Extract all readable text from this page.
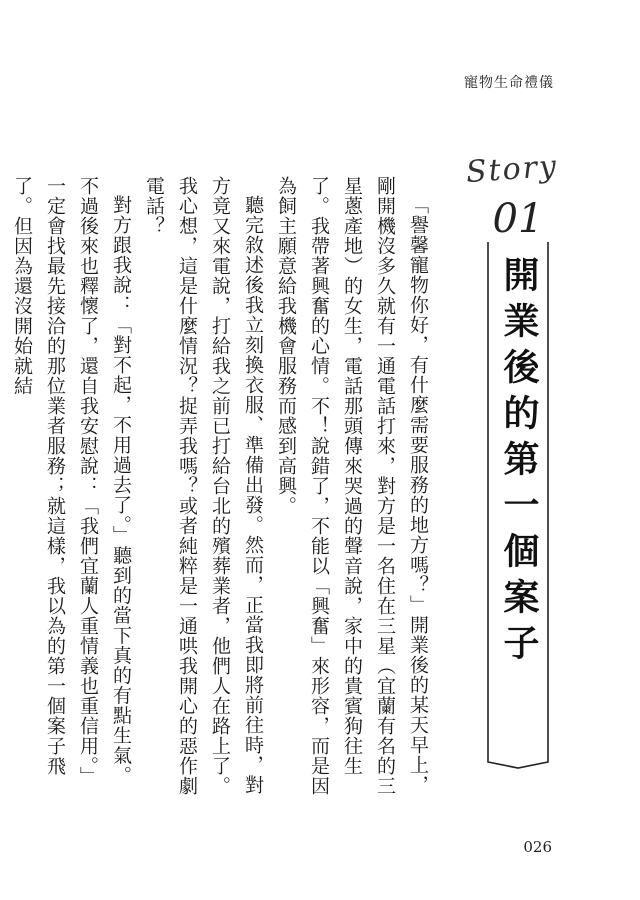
寵物生命禮儀
Story
01
開業後的第一個案子

「譽馨寵物你好，有什麼需要服務的地方嗎？」開業後的某天早上，剛開機沒多久就有一通電話打來，對方是一名住在三星（宜蘭有名的三星蔥產地）的女生，電話那頭傳來哭過的聲音說，家中的貴賓狗往生了。我帶著興奮的心情。不！說錯了，不能以「興奮」來形容，而是因為飼主願意給我機會服務而感到高興。

聽完敘述後我立刻換衣服、準備出發。然而，正當我即將前往時，對方竟又來電說，打給我之前已打給台北的殯葬業者，他們人在路上了。我心想，這是什麼情況？捉弄我嗎？或者純粹是一通哄我開心的惡作劇電話？

對方跟我說：「對不起，不用過去了。」聽到的當下真的有點生氣。不過後來也釋懷了，還自我安慰說：「我們宜蘭人重情義也重信用。」一定會找最先接洽的那位業者服務；就這樣，我以為的第一個案子飛了。但因為還沒開始就結

026
